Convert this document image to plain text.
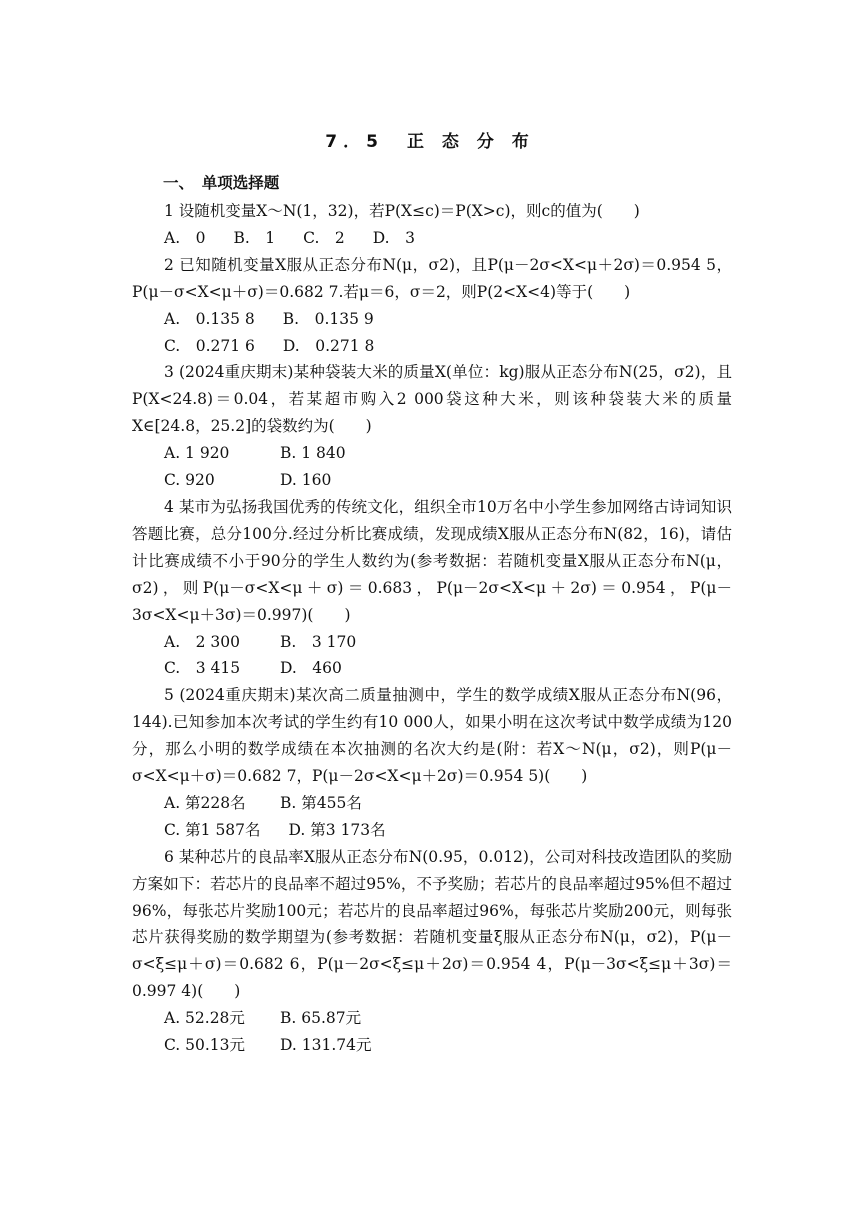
7．5　正 态 分 布
一、　单项选择题

1 设随机变量X～N(1，32)，若P(X≤c)＝P(X>c)，则c的值为(　　)

A.　0 B.　1 C.　2 D.　3

2 已知随机变量X服从正态分布N(μ，σ2)，且P(μ－2σ<X<μ＋2σ)＝0.954 5，P(μ－σ<X<μ＋σ)＝0.682 7.若μ＝6，σ＝2，则P(2<X<4)等于(　　)

A.　0.135 8 B.　0.135 9

C.　0.271 6 D.　0.271 8

3 (2024重庆期末)某种袋装大米的质量X(单位：kg)服从正态分布N(25，σ2)，且P(X<24.8)＝0.04，若某超市购入2 000袋这种大米，则该种袋装大米的质量X∈[24.8，25.2]的袋数约为(　　)

A. 1 920	B. 1 840

C. 920	D. 160

4 某市为弘扬我国优秀的传统文化，组织全市10万名中小学生参加网络古诗词知识答题比赛，总分100分.经过分析比赛成绩，发现成绩X服从正态分布N(82，16)，请估计比赛成绩不小于90分的学生人数约为(参考数据：若随机变量X服从正态分布N(μ，σ2)，则P(μ－σ<X<μ＋σ)＝0.683，P(μ－2σ<X<μ＋2σ)＝0.954，P(μ－3σ<X<μ＋3σ)＝0.997)(　　)

A.　2 300	B.　3 170

C.　3 415	D.　460

5 (2024重庆期末)某次高二质量抽测中，学生的数学成绩X服从正态分布N(96，144).已知参加本次考试的学生约有10 000人，如果小明在这次考试中数学成绩为120分，那么小明的数学成绩在本次抽测的名次大约是(附：若X～N(μ，σ2)，则P(μ－σ<X<μ＋σ)＝0.682 7，P(μ－2σ<X<μ＋2σ)＝0.954 5)(　　)

A. 第228名 B. 第455名

C. 第1 587名 D. 第3 173名

6 某种芯片的良品率X服从正态分布N(0.95，0.012)，公司对科技改造团队的奖励方案如下：若芯片的良品率不超过95%，不予奖励；若芯片的良品率超过95%但不超过96%，每张芯片奖励100元；若芯片的良品率超过96%，每张芯片奖励200元，则每张芯片获得奖励的数学期望为(参考数据：若随机变量ξ服从正态分布N(μ，σ2)，P(μ－σ<ξ≤μ＋σ)＝0.682 6，P(μ－2σ<ξ≤μ＋2σ)＝0.954 4，P(μ－3σ<ξ≤μ＋3σ)＝0.997 4)(　　)

A. 52.28元 B. 65.87元

C. 50.13元 D. 131.74元
